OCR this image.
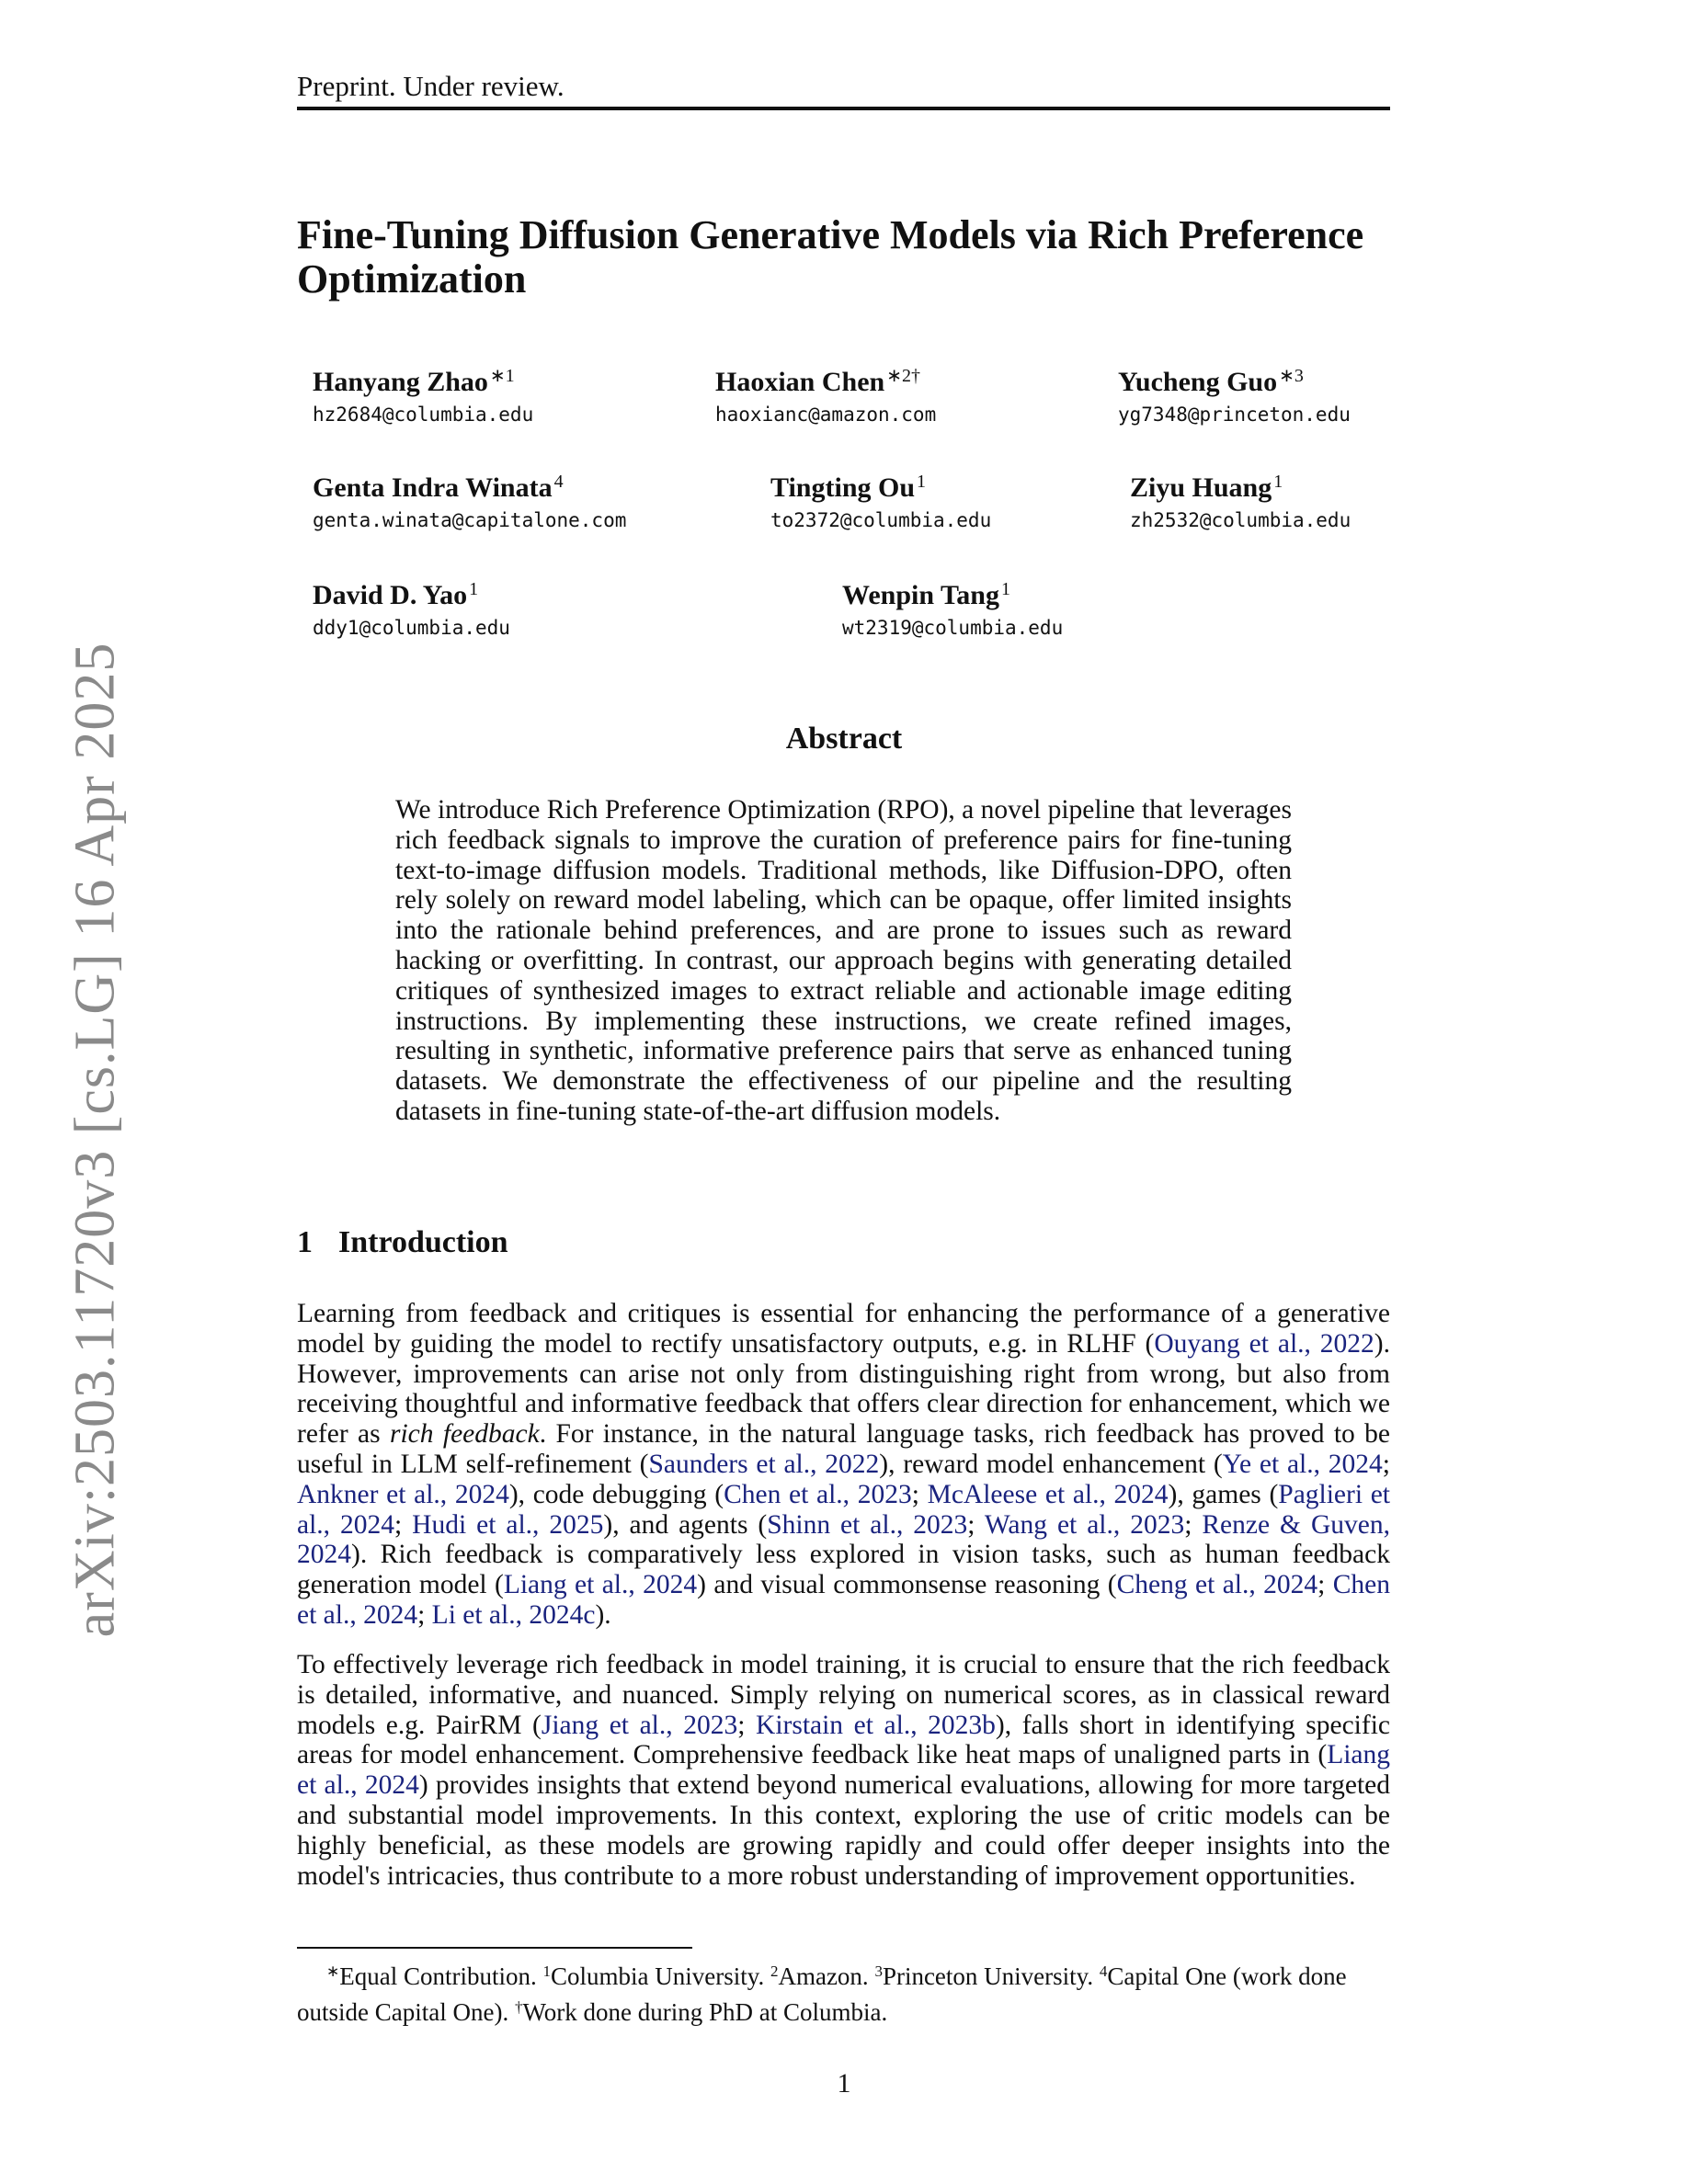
Preprint. Under review.
arXiv:2503.11720v3 [cs.LG] 16 Apr 2025
Fine-Tuning Diffusion Generative Models via Rich Preference Optimization
Hanyang Zhao $^{∗1}$
hz2684@columbia.edu
Haoxian Chen $^{∗2\dagger}$
haoxianc@amazon.com
Yucheng Guo $^{∗3}$
yg7348@princeton.edu
Genta Indra Winata $^4$
genta.winata@capitalone.com
Tingting Ou $^1$
to2372@columbia.edu
Ziyu Huang $^1$
zh2532@columbia.edu
David D. Yao $^1$
ddy1@columbia.edu
Wenpin Tang $^1$
wt2319@columbia.edu
Abstract
We introduce Rich Preference Optimization (RPO), a novel pipeline that leverages rich feedback signals to improve the curation of preference pairs for fine-tuning text-to-image diffusion models. Traditional methods, like Diffusion-DPO, often rely solely on reward model labeling, which can be opaque, offer limited insights into the rationale behind preferences, and are prone to issues such as reward hacking or overfitting. In contrast, our approach begins with generating detailed critiques of synthesized images to extract reliable and actionable image editing instructions. By implementing these instructions, we create refined images, resulting in synthetic, informative preference pairs that serve as enhanced tuning datasets. We demonstrate the effectiveness of our pipeline and the resulting datasets in fine-tuning state-of-the-art diffusion models.
1 Introduction
Learning from feedback and critiques is essential for enhancing the performance of a generative model by guiding the model to rectify unsatisfactory outputs, e.g. in RLHF (Ouyang et al., 2022). However, improvements can arise not only from distinguishing right from wrong, but also from receiving thoughtful and informative feedback that offers clear direction for enhancement, which we refer as rich feedback. For instance, in the natural language tasks, rich feedback has proved to be useful in LLM self-refinement (Saunders et al., 2022), reward model enhancement (Ye et al., 2024; Ankner et al., 2024), code debugging (Chen et al., 2023; McAleese et al., 2024), games (Paglieri et al., 2024; Hudi et al., 2025), and agents (Shinn et al., 2023; Wang et al., 2023; Renze & Guven, 2024). Rich feedback is comparatively less explored in vision tasks, such as human feedback generation model (Liang et al., 2024) and visual commonsense reasoning (Cheng et al., 2024; Chen et al., 2024; Li et al., 2024c).
To effectively leverage rich feedback in model training, it is crucial to ensure that the rich feedback is detailed, informative, and nuanced. Simply relying on numerical scores, as in classical reward models e.g. PairRM (Jiang et al., 2023; Kirstain et al., 2023b), falls short in identifying specific areas for model enhancement. Comprehensive feedback like heat maps of unaligned parts in (Liang et al., 2024) provides insights that extend beyond numerical evaluations, allowing for more targeted and substantial model improvements. In this context, exploring the use of critic models can be highly beneficial, as these models are growing rapidly and could offer deeper insights into the model's intricacies, thus contribute to a more robust understanding of improvement opportunities.
∗Equal Contribution. $^1$Columbia University. $^2$Amazon. $^3$Princeton University. $^4$Capital One (work done outside Capital One). †Work done during PhD at Columbia.
1
